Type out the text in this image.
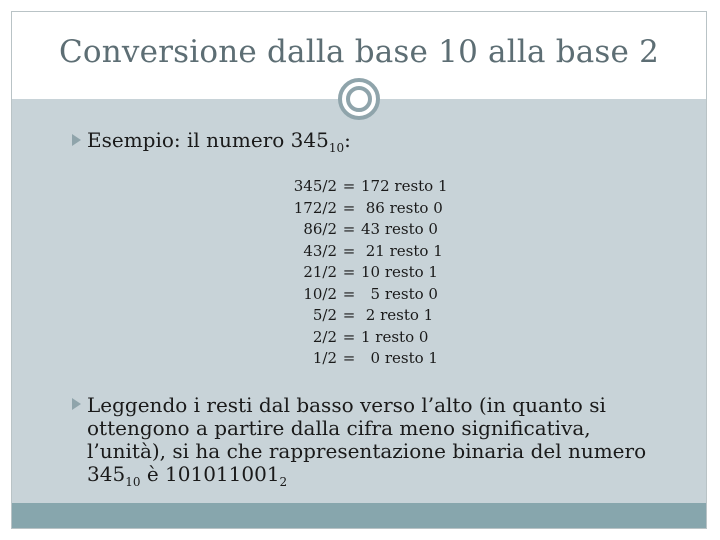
Conversione dalla base 10 alla base 2
Esempio: il numero $345_{10}$:
345/2 = 172 resto 1
172/2 = 86 resto 0
86/2 = 43 resto 0
43/2 = 21 resto 1
21/2 = 10 resto 1
10/2 = 5 resto 0
5/2 = 2 resto 1
2/2 = 1 resto 0
1/2 = 0 resto 1
Leggendo i resti dal basso verso l’alto (in quanto si ottengono a partire dalla cifra meno significativa, l’unità), si ha che rappresentazione binaria del numero $345_{10}$ è $101011001_2$
